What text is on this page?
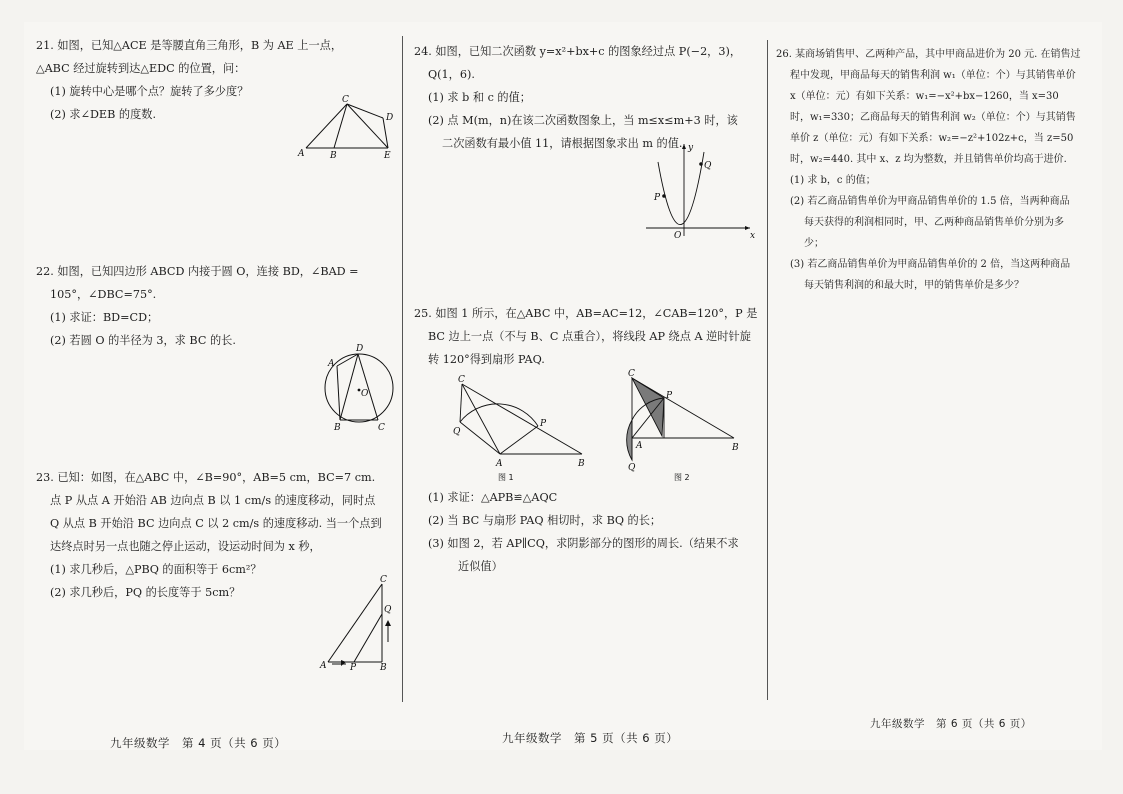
21. 如图，已知△ACE 是等腰直角三角形，B 为 AE 上一点，

△ABC 经过旋转到达△EDC 的位置，问：

(1) 旋转中心是哪个点？旋转了多少度？

(2) 求∠DEB 的度数.

22. 如图，已知四边形 ABCD 内接于圆 O，连接 BD，∠BAD =

105°，∠DBC=75°.

(1) 求证：BD=CD；

(2) 若圆 O 的半径为 3，求 BC 的长.

23. 已知：如图，在△ABC 中，∠B=90°，AB=5 cm，BC=7 cm.

点 P 从点 A 开始沿 AB 边向点 B 以 1 cm/s 的速度移动，同时点

Q 从点 B 开始沿 BC 边向点 C 以 2 cm/s 的速度移动. 当一个点到

达终点时另一点也随之停止运动，设运动时间为 x 秒，

(1) 求几秒后，△PBQ 的面积等于 6cm²？

(2) 求几秒后，PQ 的长度等于 5cm？

A	B
C
D
E
A
D
O
B	C
A	P	B
C
Q
九年级数学　第 4 页（共 6 页）

24. 如图，已知二次函数 y=x²+bx+c 的图象经过点 P(−2，3)，

Q(1，6).

(1) 求 b 和 c 的值；

(2) 点 M(m，n)在该二次函数图象上，当 m≤x≤m+3 时，该

二次函数有最小值 11，请根据图象求出 m 的值.

25. 如图 1 所示，在△ABC 中，AB=AC=12，∠CAB=120°，P 是

BC 边上一点（不与 B、C 点重合），将线段 AP 绕点 A 逆时针旋

转 120°得到扇形 PAQ.

(1) 求证：△APB≌△AQC

(2) 当 BC 与扇形 PAQ 相切时，求 BQ 的长；

(3) 如图 2，若 AP∥CQ，求阴影部分的图形的周长.（结果不求

近似值）

y
x
O
P
Q
C
Q
A
P
B
图 1
C
P
A	B
Q
图 2
九年级数学　第 5 页（共 6 页）

26. 某商场销售甲、乙两种产品，其中甲商品进价为 20 元. 在销售过

程中发现，甲商品每天的销售利润 w₁（单位：个）与其销售单价

x（单位：元）有如下关系：w₁=−x²+bx−1260，当 x=30

时，w₁=330；乙商品每天的销售利润 w₂（单位：个）与其销售

单价 z（单位：元）有如下关系：w₂=−z²+102z+c，当 z=50

时，w₂=440. 其中 x、z 均为整数，并且销售单价均高于进价.

(1) 求 b，c 的值；

(2) 若乙商品销售单价为甲商品销售单价的 1.5 倍，当两种商品

每天获得的利润相同时，甲、乙两种商品销售单价分别为多

少；

(3) 若乙商品销售单价为甲商品销售单价的 2 倍，当这两种商品

每天销售利润的和最大时，甲的销售单价是多少？

九年级数学　第 6 页（共 6 页）
